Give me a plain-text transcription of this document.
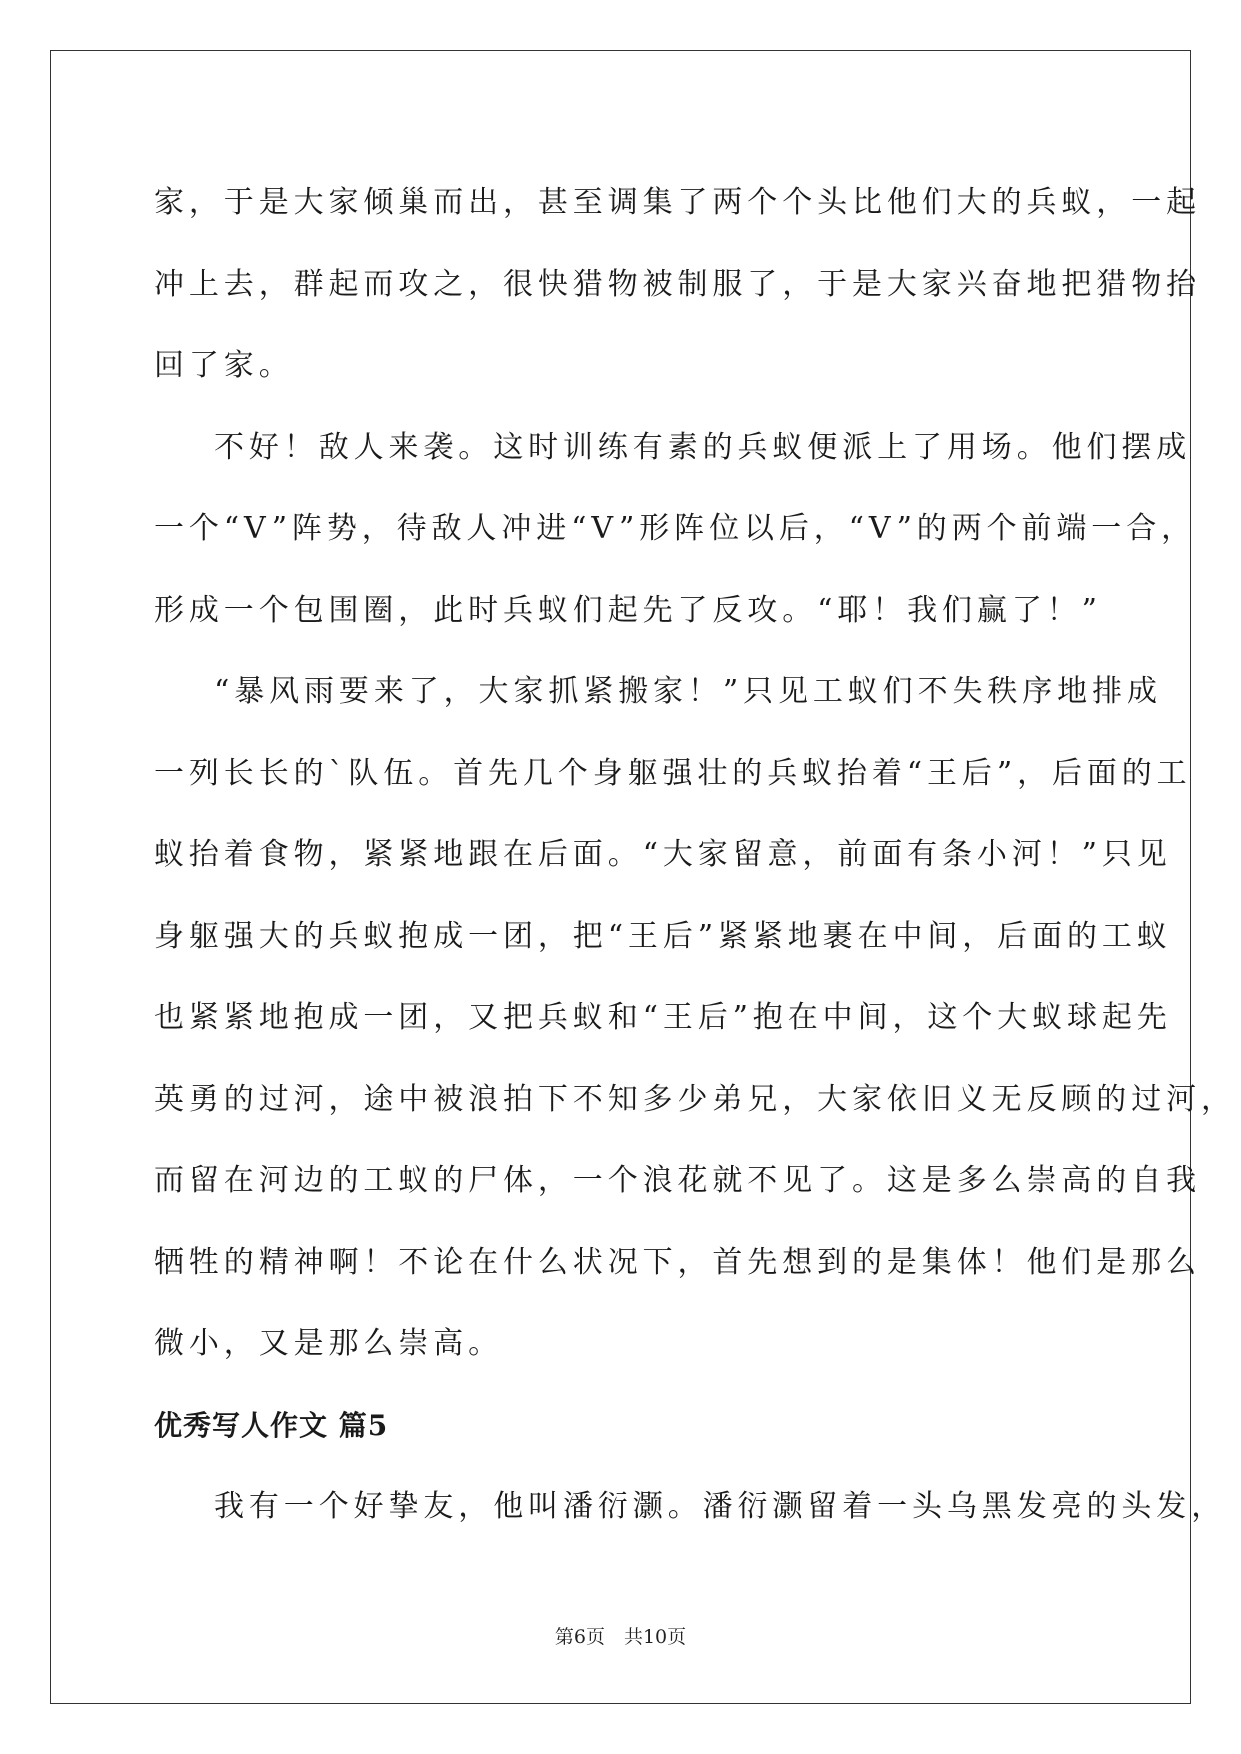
家，于是大家倾巢而出，甚至调集了两个个头比他们大的兵蚁，一起

冲上去，群起而攻之，很快猎物被制服了，于是大家兴奋地把猎物抬

回了家。

不好！敌人来袭。这时训练有素的兵蚁便派上了用场。他们摆成

一个“V”阵势，待敌人冲进“V”形阵位以后，“V”的两个前端一合，

形成一个包围圈，此时兵蚁们起先了反攻。“耶！我们赢了！”

“暴风雨要来了，大家抓紧搬家！”只见工蚁们不失秩序地排成

一列长长的`队伍。首先几个身躯强壮的兵蚁抬着“王后”，后面的工

蚁抬着食物，紧紧地跟在后面。“大家留意，前面有条小河！”只见

身躯强大的兵蚁抱成一团，把“王后”紧紧地裹在中间，后面的工蚁

也紧紧地抱成一团，又把兵蚁和“王后”抱在中间，这个大蚁球起先

英勇的过河，途中被浪拍下不知多少弟兄，大家依旧义无反顾的过河，

而留在河边的工蚁的尸体，一个浪花就不见了。这是多么崇高的自我

牺牲的精神啊！不论在什么状况下，首先想到的是集体！他们是那么

微小，又是那么崇高。

优秀写人作文 篇5

我有一个好挚友，他叫潘衍灏。潘衍灏留着一头乌黑发亮的头发，

第6页　共10页
